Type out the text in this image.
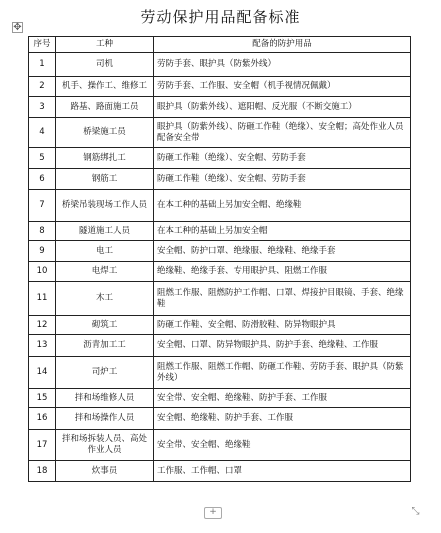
劳动保护用品配备标准
✥
序号	工种	配备的防护用品
1	司机	劳防手套、眼护具（防紫外线）
2	机手、操作工、维修工	劳防手套、工作服、安全帽（机手视情况佩戴）
3	路基、路面施工员	眼护具（防紫外线）、遮阳帽、反光服（不断交施工）
4	桥梁施工员	眼护具（防紫外线）、防砸工作鞋（绝缘）、安全帽；高处作业人员配备安全带
5	钢筋绑扎工	防砸工作鞋（绝缘）、安全帽、劳防手套
6	钢筋工	防砸工作鞋（绝缘）、安全帽、劳防手套
7	桥梁吊装现场工作人员	在本工种的基础上另加安全帽、绝缘鞋
8	隧道施工人员	在本工种的基础上另加安全帽
9	电工	安全帽、防护口罩、绝缘服、绝缘鞋、绝缘手套
10	电焊工	绝缘鞋、绝缘手套、专用眼护具、阻燃工作服
11	木工	阻燃工作服、阻燃防护工作帽、口罩、焊接护目眼镜、手套、绝缘鞋
12	砌筑工	防砸工作鞋、安全帽、防滑胶鞋、防异物眼护具
13	沥青加工工	安全帽、口罩、防异物眼护具、防护手套、绝缘鞋、工作服
14	司炉工	阻燃工作服、阻燃工作帽、防砸工作鞋、劳防手套、眼护具（防紫外线）
15	拌和场维修人员	安全带、安全帽、绝缘鞋、防护手套、工作服
16	拌和场操作人员	安全帽、绝缘鞋、防护手套、工作服
17	拌和场拆装人员、高处作业人员	安全带、安全帽、绝缘鞋
18	炊事员	工作服、工作帽、口罩
+	⤡
